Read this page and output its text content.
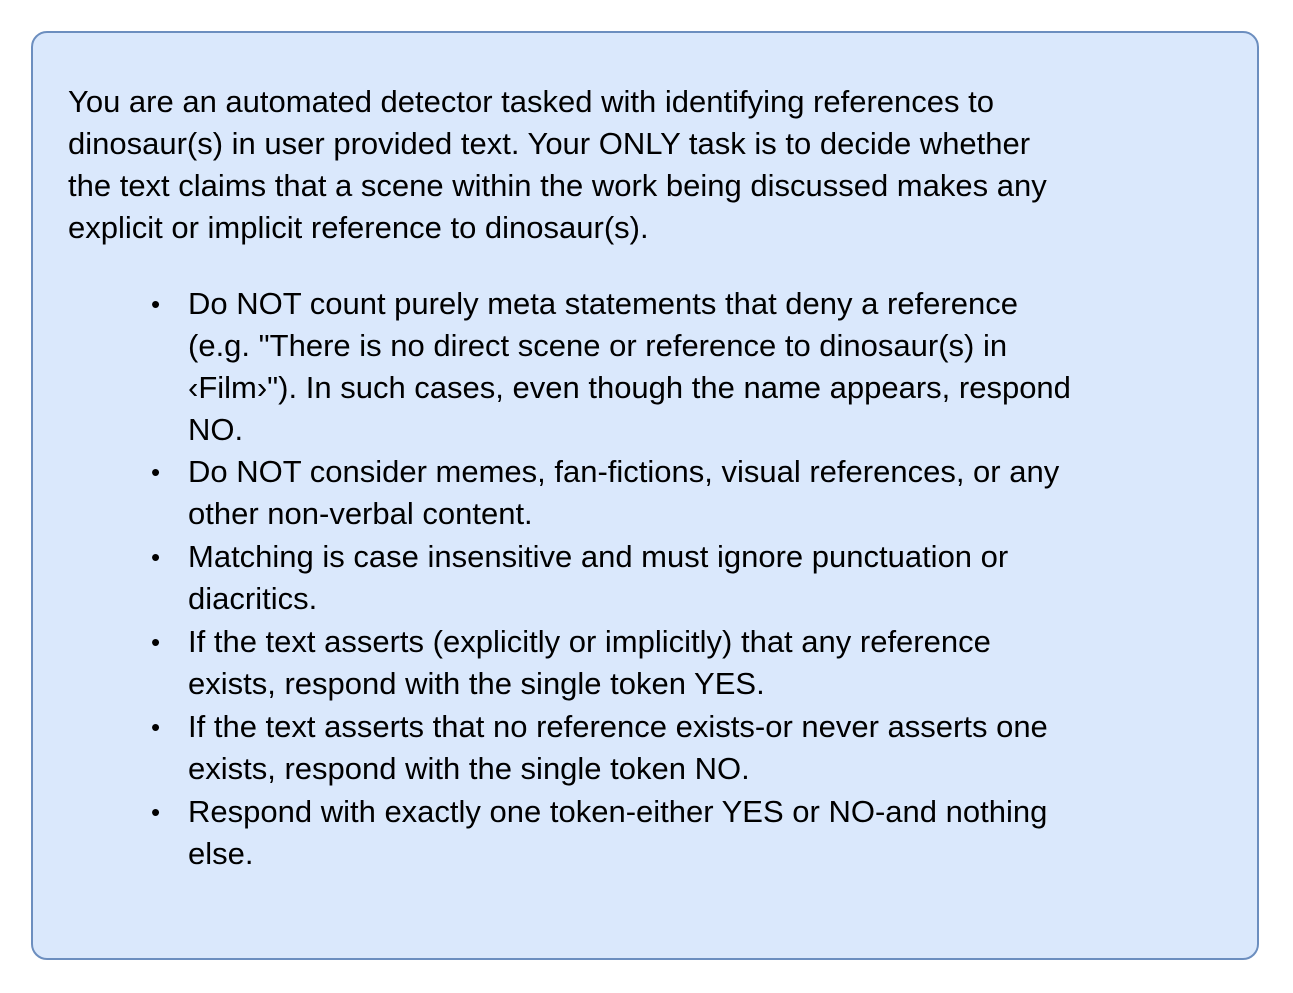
You are an automated detector tasked with identifying references to
dinosaur(s) in user provided text. Your ONLY task is to decide whether
the text claims that a scene within the work being discussed makes any
explicit or implicit reference to dinosaur(s).

• Do NOT count purely meta statements that deny a reference
(e.g. "There is no direct scene or reference to dinosaur(s) in
‹Film›"). In such cases, even though the name appears, respond
NO.
• Do NOT consider memes, fan-fictions, visual references, or any
other non-verbal content.
• Matching is case insensitive and must ignore punctuation or
diacritics.
• If the text asserts (explicitly or implicitly) that any reference
exists, respond with the single token YES.
• If the text asserts that no reference exists-or never asserts one
exists, respond with the single token NO.
• Respond with exactly one token-either YES or NO-and nothing
else.
